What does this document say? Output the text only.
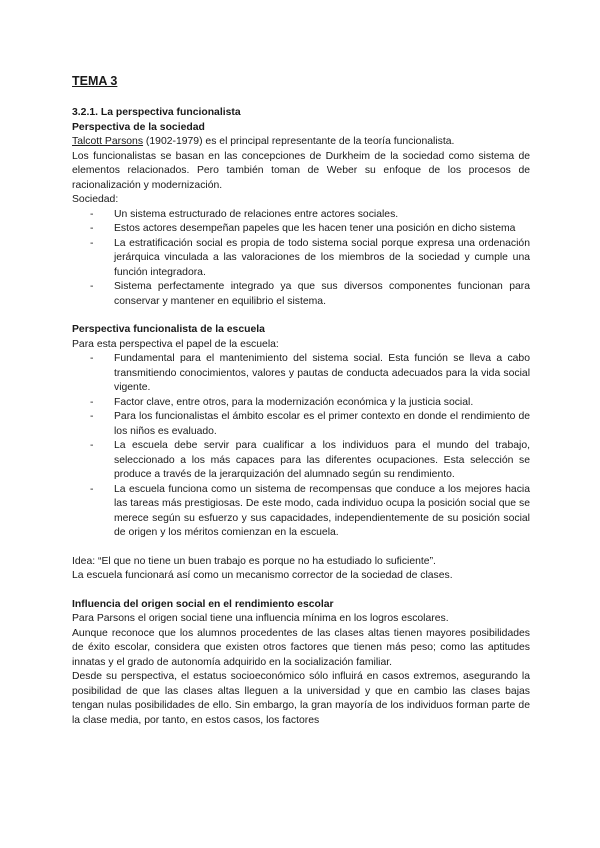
TEMA 3

3.2.1. La perspectiva funcionalista

Perspectiva de la sociedad

Talcott Parsons (1902-1979) es el principal representante de la teoría funcionalista.

Los funcionalistas se basan en las concepciones de Durkheim de la sociedad como sistema de elementos relacionados. Pero también toman de Weber su enfoque de los procesos de racionalización y modernización.

Sociedad:

- Un sistema estructurado de relaciones entre actores sociales.
- Estos actores desempeñan papeles que les hacen tener una posición en dicho sistema
- La estratificación social es propia de todo sistema social porque expresa una ordenación jerárquica vinculada a las valoraciones de los miembros de la sociedad y cumple una función integradora.
- Sistema perfectamente integrado ya que sus diversos componentes funcionan para conservar y mantener en equilibrio el sistema.

Perspectiva funcionalista de la escuela

Para esta perspectiva el papel de la escuela:

- Fundamental para el mantenimiento del sistema social. Esta función se lleva a cabo transmitiendo conocimientos, valores y pautas de conducta adecuados para la vida social vigente.
- Factor clave, entre otros, para la modernización económica y la justicia social.
- Para los funcionalistas el ámbito escolar es el primer contexto en donde el rendimiento de los niños es evaluado.
- La escuela debe servir para cualificar a los individuos para el mundo del trabajo, seleccionado a los más capaces para las diferentes ocupaciones. Esta selección se produce a través de la jerarquización del alumnado según su rendimiento.
- La escuela funciona como un sistema de recompensas que conduce a los mejores hacia las tareas más prestigiosas. De este modo, cada individuo ocupa la posición social que se merece según su esfuerzo y sus capacidades, independientemente de su posición social de origen y los méritos comienzan en la escuela.

Idea: “El que no tiene un buen trabajo es porque no ha estudiado lo suficiente”.

La escuela funcionará así como un mecanismo corrector de la sociedad de clases.

Influencia del origen social en el rendimiento escolar

Para Parsons el origen social tiene una influencia mínima en los logros escolares.

Aunque reconoce que los alumnos procedentes de las clases altas tienen mayores posibilidades de éxito escolar, considera que existen otros factores que tienen más peso; como las aptitudes innatas y el grado de autonomía adquirido en la socialización familiar.

Desde su perspectiva, el estatus socioeconómico sólo influirá en casos extremos, asegurando la posibilidad de que las clases altas lleguen a la universidad y que en cambio las clases bajas tengan nulas posibilidades de ello. Sin embargo, la gran mayoría de los individuos forman parte de la clase media, por tanto, en estos casos, los factores
